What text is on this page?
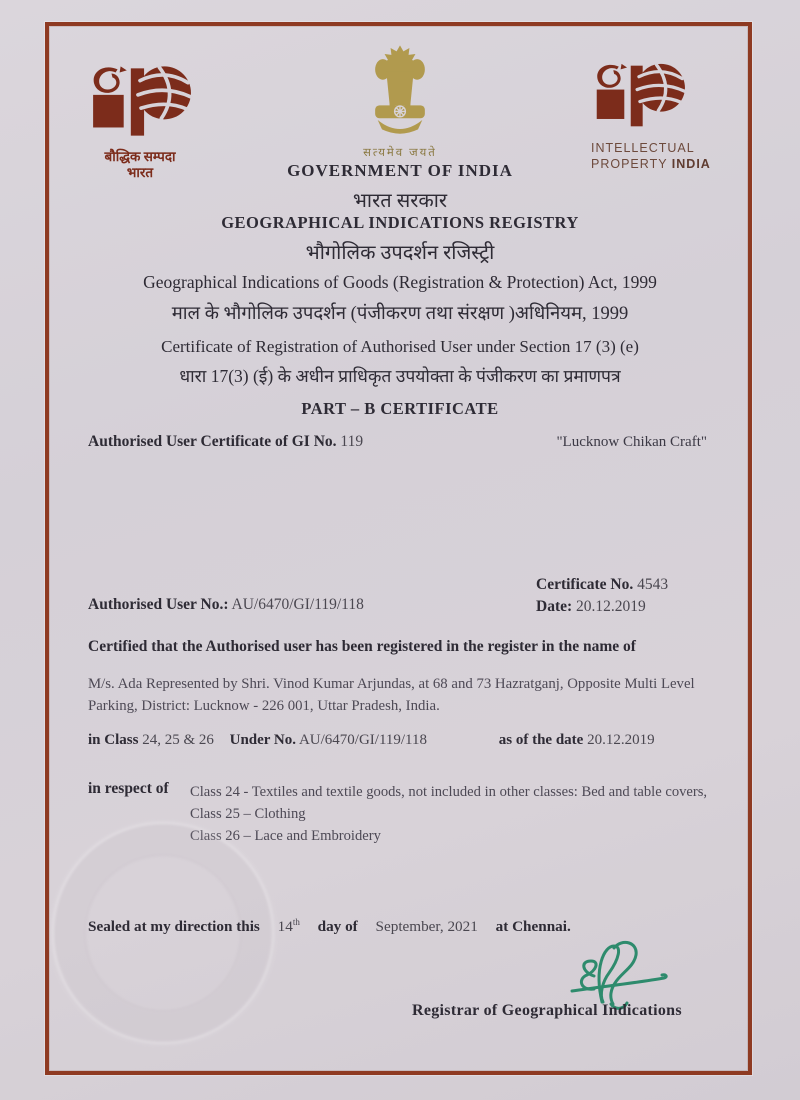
बौद्धिक सम्पदा
भारत
सत्यमेव जयते	INTELLECTUAL
PROPERTY INDIA
GOVERNMENT OF INDIA
भारत सरकार
GEOGRAPHICAL INDICATIONS REGISTRY
भौगोलिक उपदर्शन रजिस्ट्री
Geographical Indications of Goods (Registration & Protection) Act, 1999
माल के भौगोलिक उपदर्शन (पंजीकरण तथा संरक्षण )अधिनियम, 1999
Certificate of Registration of Authorised User under Section 17 (3) (e)
धारा 17(3) (ई) के अधीन प्राधिकृत उपयोक्ता के पंजीकरण का प्रमाणपत्र
PART – B CERTIFICATE
Authorised User Certificate of GI No. 119	"Lucknow Chikan Craft"
Certificate No. 4543
Date: 20.12.2019
Authorised User No.: AU/6470/GI/119/118
Certified that the Authorised user has been registered in the register in the name of
M/s. Ada Represented by Shri. Vinod Kumar Arjundas, at 68 and 73 Hazratganj, Opposite Multi Level Parking, District: Lucknow - 226 001, Uttar Pradesh, India.
in Class 24, 25 & 26 Under No. AU/6470/GI/119/118	as of the date 20.12.2019
in respect of Class 24 - Textiles and textile goods, not included in other classes: Bed and table covers,
Class 25 – Clothing
Class 26 – Lace and Embroidery
Sealed at my direction this 14th day of September, 2021 at Chennai.
Registrar of Geographical Indications
